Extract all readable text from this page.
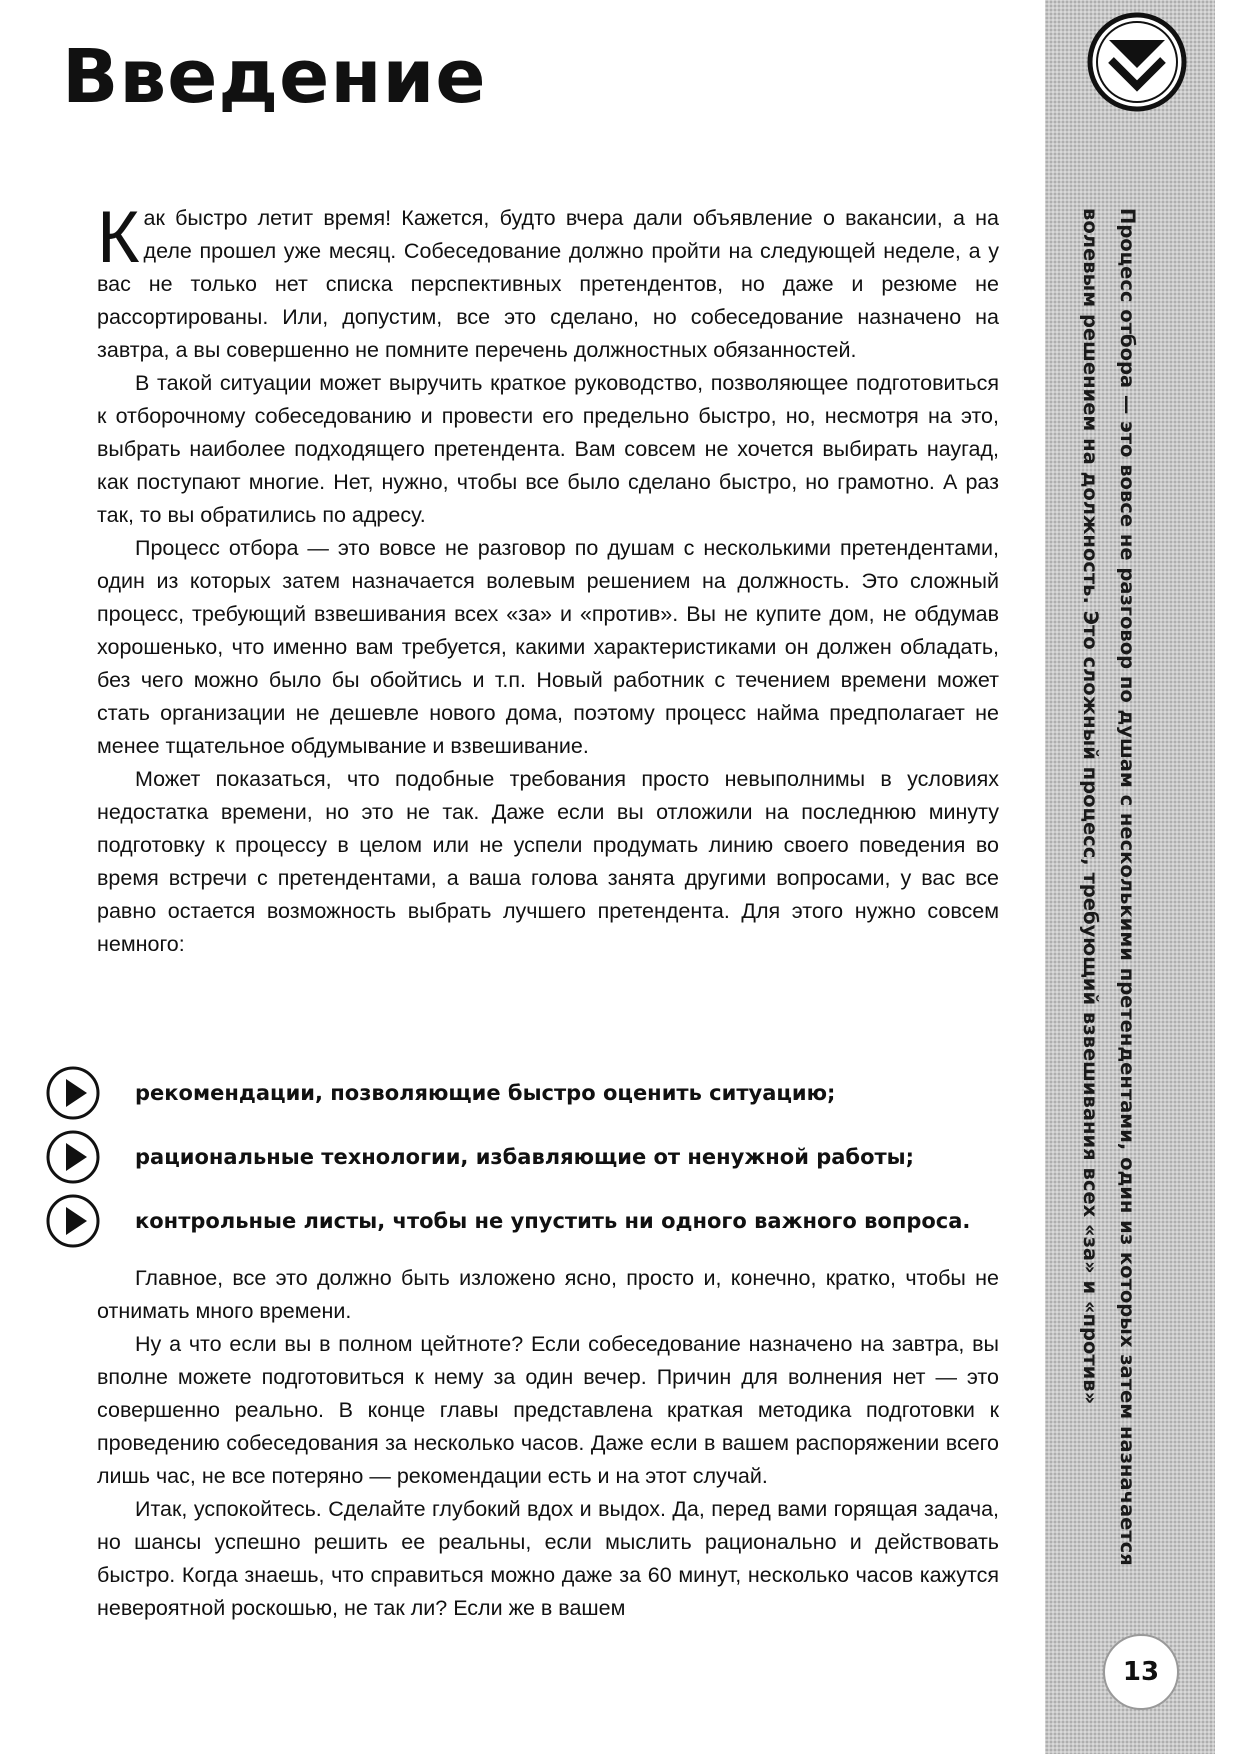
Введение

Как быстро летит время! Кажется, будто вчера дали объявление о вакансии, а на деле прошел уже месяц. Собеседование должно пройти на следующей неделе, а у вас не только нет списка перспективных претендентов, но даже и резюме не рассортированы. Или, допустим, все это сделано, но собеседование назначено на завтра, а вы совершенно не помните перечень должностных обязанностей.

В такой ситуации может выручить краткое руководство, позволяющее подготовиться к отборочному собеседованию и провести его предельно быстро, но, несмотря на это, выбрать наиболее подходящего претендента. Вам совсем не хочется выбирать наугад, как поступают многие. Нет, нужно, чтобы все было сделано быстро, но грамотно. А раз так, то вы обратились по адресу.

Процесс отбора — это вовсе не разговор по душам с несколькими претендентами, один из которых затем назначается волевым решением на должность. Это сложный процесс, требующий взвешивания всех «за» и «против». Вы не купите дом, не обдумав хорошенько, что именно вам требуется, какими характеристиками он должен обладать, без чего можно было бы обойтись и т.п. Новый работник с течением времени может стать организации не дешевле нового дома, поэтому процесс найма предполагает не менее тщательное обдумывание и взвешивание.

Может показаться, что подобные требования просто невыполнимы в условиях недостатка времени, но это не так. Даже если вы отложили на последнюю минуту подготовку к процессу в целом или не успели продумать линию своего поведения во время встречи с претендентами, а ваша голова занята другими вопросами, у вас все равно остается возможность выбрать лучшего претендента. Для этого нужно совсем немного:

рекомендации, позволяющие быстро оценить ситуацию;
рациональные технологии, избавляющие от ненужной работы;
контрольные листы, чтобы не упустить ни одного важного вопроса.

Главное, все это должно быть изложено ясно, просто и, конечно, кратко, чтобы не отнимать много времени.

Ну а что если вы в полном цейтноте? Если собеседование назначено на завтра, вы вполне можете подготовиться к нему за один вечер. Причин для волнения нет — это совершенно реально. В конце главы представлена краткая методика подготовки к проведению собеседования за несколько часов. Даже если в вашем распоряжении всего лишь час, не все потеряно — рекомендации есть и на этот случай.

Итак, успокойтесь. Сделайте глубокий вдох и выдох. Да, перед вами горящая задача, но шансы успешно решить ее реальны, если мыслить рационально и действовать быстро. Когда знаешь, что справиться можно даже за 60 минут, несколько часов кажутся невероятной роскошью, не так ли? Если же в вашем

Процесс отбора — это вовсе не разговор по душам с несколькими претендентами, один из которых затем назначается волевым решением на должность. Это сложный процесс, требующий взвешивания всех «за» и «против»

13
